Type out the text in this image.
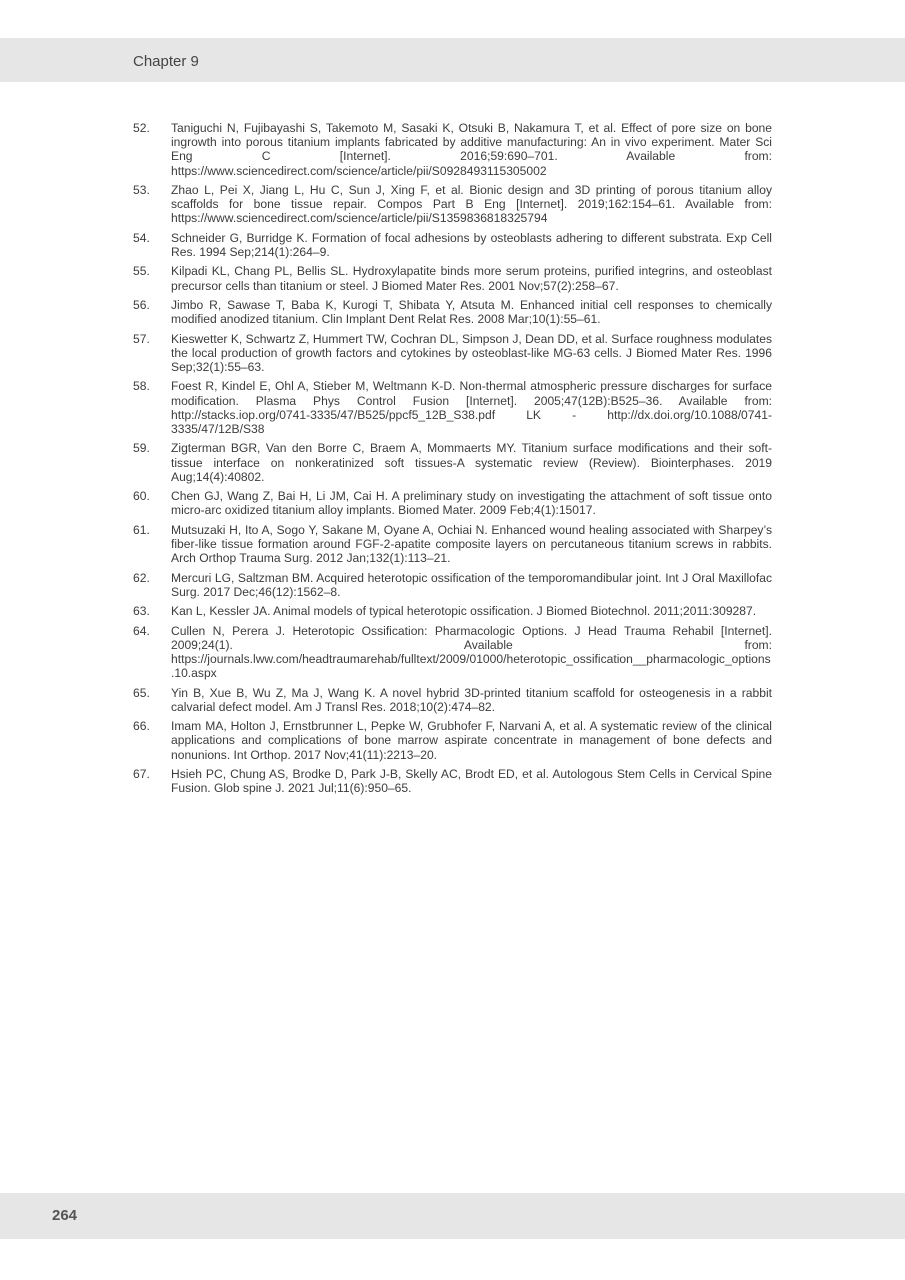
Chapter 9
52.	Taniguchi N, Fujibayashi S, Takemoto M, Sasaki K, Otsuki B, Nakamura T, et al. Effect of pore size on bone ingrowth into porous titanium implants fabricated by additive manufacturing: An in vivo experiment. Mater Sci Eng C [Internet]. 2016;59:690–701. Available from: https://www.sciencedirect.com/science/article/pii/S0928493115305002
53.	Zhao L, Pei X, Jiang L, Hu C, Sun J, Xing F, et al. Bionic design and 3D printing of porous titanium alloy scaffolds for bone tissue repair. Compos Part B Eng [Internet]. 2019;162:154–61. Available from: https://www.sciencedirect.com/science/article/pii/S1359836818325794
54.	Schneider G, Burridge K. Formation of focal adhesions by osteoblasts adhering to different substrata. Exp Cell Res. 1994 Sep;214(1):264–9.
55.	Kilpadi KL, Chang PL, Bellis SL. Hydroxylapatite binds more serum proteins, purified integrins, and osteoblast precursor cells than titanium or steel. J Biomed Mater Res. 2001 Nov;57(2):258–67.
56.	Jimbo R, Sawase T, Baba K, Kurogi T, Shibata Y, Atsuta M. Enhanced initial cell responses to chemically modified anodized titanium. Clin Implant Dent Relat Res. 2008 Mar;10(1):55–61.
57.	Kieswetter K, Schwartz Z, Hummert TW, Cochran DL, Simpson J, Dean DD, et al. Surface roughness modulates the local production of growth factors and cytokines by osteoblast-like MG-63 cells. J Biomed Mater Res. 1996 Sep;32(1):55–63.
58.	Foest R, Kindel E, Ohl A, Stieber M, Weltmann K-D. Non-thermal atmospheric pressure discharges for surface modification. Plasma Phys Control Fusion [Internet]. 2005;47(12B):B525–36. Available from: http://stacks.iop.org/0741-3335/47/B525/ppcf5_12B_S38.pdf LK - http://dx.doi.org/10.1088/0741-3335/47/12B/S38
59.	Zigterman BGR, Van den Borre C, Braem A, Mommaerts MY. Titanium surface modifications and their soft-tissue interface on nonkeratinized soft tissues-A systematic review (Review). Biointerphases. 2019 Aug;14(4):40802.
60.	Chen GJ, Wang Z, Bai H, Li JM, Cai H. A preliminary study on investigating the attachment of soft tissue onto micro-arc oxidized titanium alloy implants. Biomed Mater. 2009 Feb;4(1):15017.
61.	Mutsuzaki H, Ito A, Sogo Y, Sakane M, Oyane A, Ochiai N. Enhanced wound healing associated with Sharpey’s fiber-like tissue formation around FGF-2-apatite composite layers on percutaneous titanium screws in rabbits. Arch Orthop Trauma Surg. 2012 Jan;132(1):113–21.
62.	Mercuri LG, Saltzman BM. Acquired heterotopic ossification of the temporomandibular joint. Int J Oral Maxillofac Surg. 2017 Dec;46(12):1562–8.
63.	Kan L, Kessler JA. Animal models of typical heterotopic ossification. J Biomed Biotechnol. 2011;2011:309287.
64.	Cullen N, Perera J. Heterotopic Ossification: Pharmacologic Options. J Head Trauma Rehabil [Internet]. 2009;24(1). Available from: https://journals.lww.com/headtraumarehab/fulltext/2009/01000/heterotopic_ossification__pharmacologic_options.10.aspx
65.	Yin B, Xue B, Wu Z, Ma J, Wang K. A novel hybrid 3D-printed titanium scaffold for osteogenesis in a rabbit calvarial defect model. Am J Transl Res. 2018;10(2):474–82.
66.	Imam MA, Holton J, Ernstbrunner L, Pepke W, Grubhofer F, Narvani A, et al. A systematic review of the clinical applications and complications of bone marrow aspirate concentrate in management of bone defects and nonunions. Int Orthop. 2017 Nov;41(11):2213–20.
67.	Hsieh PC, Chung AS, Brodke D, Park J-B, Skelly AC, Brodt ED, et al. Autologous Stem Cells in Cervical Spine Fusion. Glob spine J. 2021 Jul;11(6):950–65.
264
